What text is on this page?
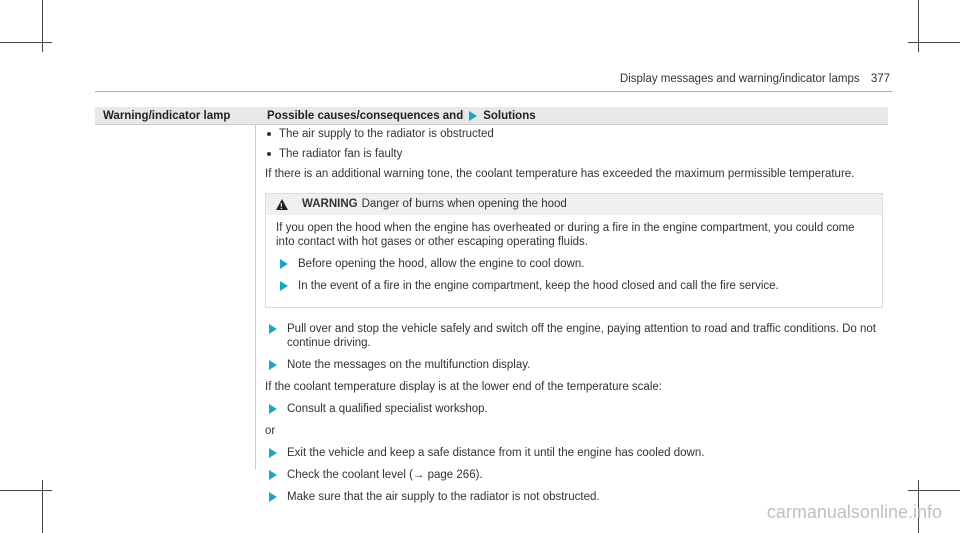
Display messages and warning/indicator lamps 377
Warning/indicator lamp	Possible causes/consequences and Solutions
The air supply to the radiator is obstructed
The radiator fan is faulty

If there is an additional warning tone, the coolant temperature has exceeded the maximum permissible temperature.

!
WARNING Danger of burns when opening the hood

If you open the hood when the engine has overheated or during a fire in the engine compartment, you could come into contact with hot gases or other escaping operating fluids.

Before opening the hood, allow the engine to cool down.
In the event of a fire in the engine compartment, keep the hood closed and call the fire service.
Pull over and stop the vehicle safely and switch off the engine, paying attention to road and traffic conditions. Do not continue driving.
Note the messages on the multifunction display.

If the coolant temperature display is at the lower end of the temperature scale:

Consult a qualified specialist workshop.

or

Exit the vehicle and keep a safe distance from it until the engine has cooled down.
Check the coolant level (→ page 266).
Make sure that the air supply to the radiator is not obstructed.
carmanualsonline.info
